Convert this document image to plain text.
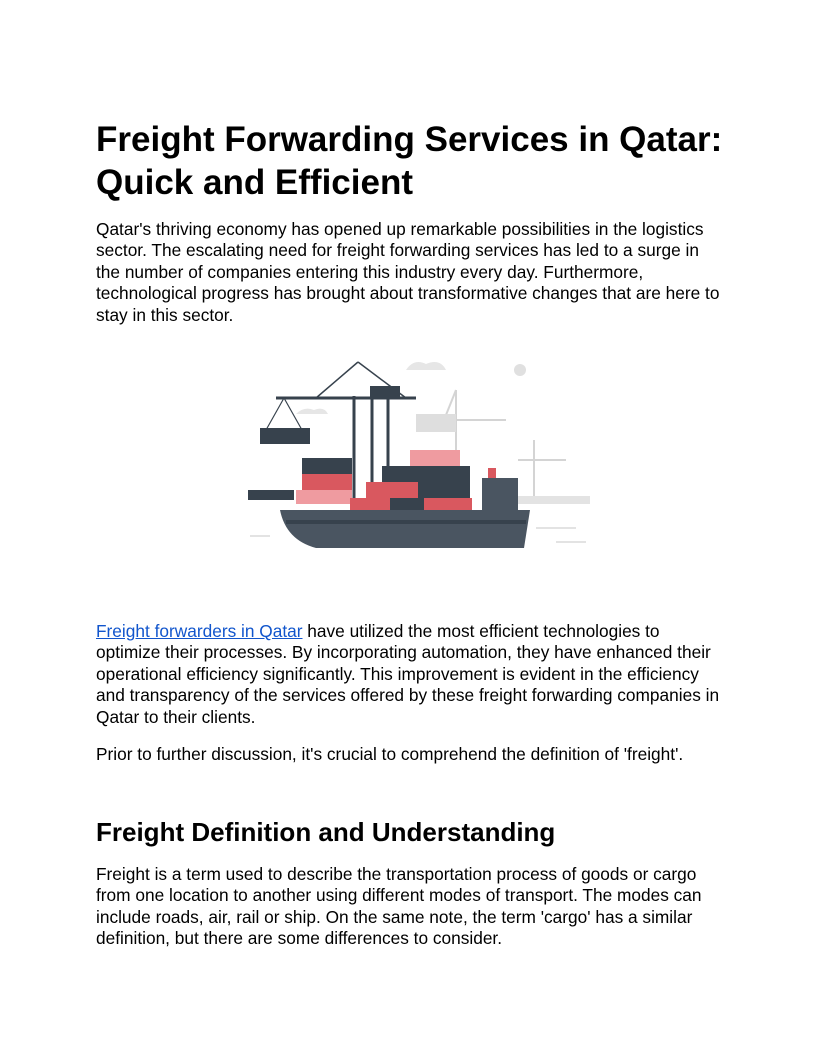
Freight Forwarding Services in Qatar: Quick and Efficient

Qatar's thriving economy has opened up remarkable possibilities in the logistics sector. The escalating need for freight forwarding services has led to a surge in the number of companies entering this industry every day. Furthermore, technological progress has brought about transformative changes that are here to stay in this sector.

Freight forwarders in Qatar have utilized the most efficient technologies to optimize their processes. By incorporating automation, they have enhanced their operational efficiency significantly. This improvement is evident in the efficiency and transparency of the services offered by these freight forwarding companies in Qatar to their clients.

Prior to further discussion, it's crucial to comprehend the definition of 'freight'.

Freight Definition and Understanding

Freight is a term used to describe the transportation process of goods or cargo from one location to another using different modes of transport. The modes can include roads, air, rail or ship. On the same note, the term 'cargo' has a similar definition, but there are some differences to consider.
